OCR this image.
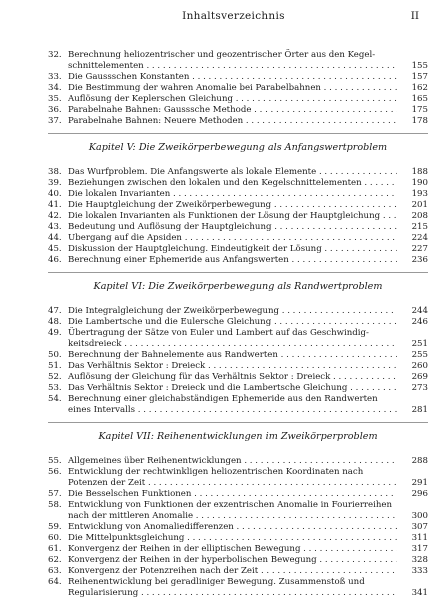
Inhaltsverzeichnis	II
32. Berechnung heliozentrischer und geozentrischer Örter aus den Kegel-
schnittelementen . . .	155
33. Die Gaussschen Konstanten . . .	157
34. Die Bestimmung der wahren Anomalie bei Parabelbahnen . . .	162
35. Auflösung der Keplerschen Gleichung . . .	165
36. Parabelnahe Bahnen: Gausssche Methode . . .	175
37. Parabelnahe Bahnen: Neuere Methoden . . .	178
Kapitel V: Die Zweikörperbewegung als Anfangswertproblem
38. Das Wurfproblem. Die Anfangswerte als lokale Elemente . . .	188
39. Beziehungen zwischen den lokalen und den Kegelschnittelementen . . .	190
40. Die lokalen Invarianten . . .	193
41. Die Hauptgleichung der Zweikörperbewegung . . .	201
42. Die lokalen Invarianten als Funktionen der Lösung der Hauptgleichung . . .	208
43. Bedeutung und Auflösung der Hauptgleichung . . .	215
44. Übergang auf die Apsiden . . .	224
45. Diskussion der Hauptgleichung. Eindeutigkeit der Lösung . . .	227
46. Berechnung einer Ephemeride aus Anfangswerten . . .	236
Kapitel VI: Die Zweikörperbewegung als Randwertproblem
47. Die Integralgleichung der Zweikörperbewegung . . .	244
48. Die Lambertsche und die Eulersche Gleichung . . .	246
49. Übertragung der Sätze von Euler und Lambert auf das Geschwindig-
keitsdreieck . . .	251
50. Berechnung der Bahnelemente aus Randwerten . . .	255
51. Das Verhältnis Sektor : Dreieck . . .	260
52. Auflösung der Gleichung für das Verhältnis Sektor : Dreieck . . .	269
53. Das Verhältnis Sektor : Dreieck und die Lambertsche Gleichung . . .	273
54. Berechnung einer gleichabständigen Ephemeride aus den Randwerten
eines Intervalls . . .	281
Kapitel VII: Reihenentwicklungen im Zweikörperproblem
55. Allgemeines über Reihenentwicklungen . . .	288
56. Entwicklung der rechtwinkligen heliozentrischen Koordinaten nach
Potenzen der Zeit . . .	291
57. Die Besselschen Funktionen . . .	296
58. Entwicklung von Funktionen der exzentrischen Anomalie in Fourierreihen
nach der mittleren Anomalie . . .	300
59. Entwicklung von Anomaliedifferenzen . . .	307
60. Die Mittelpunktsgleichung . . .	311
61. Konvergenz der Reihen in der elliptischen Bewegung . . .	317
62. Konvergenz der Reihen in der hyperbolischen Bewegung . . .	328
63. Konvergenz der Potenzreihen nach der Zeit . . .	333
64. Reihenentwicklung bei geradliniger Bewegung. Zusammenstoß und
Regularisierung . . .	341
